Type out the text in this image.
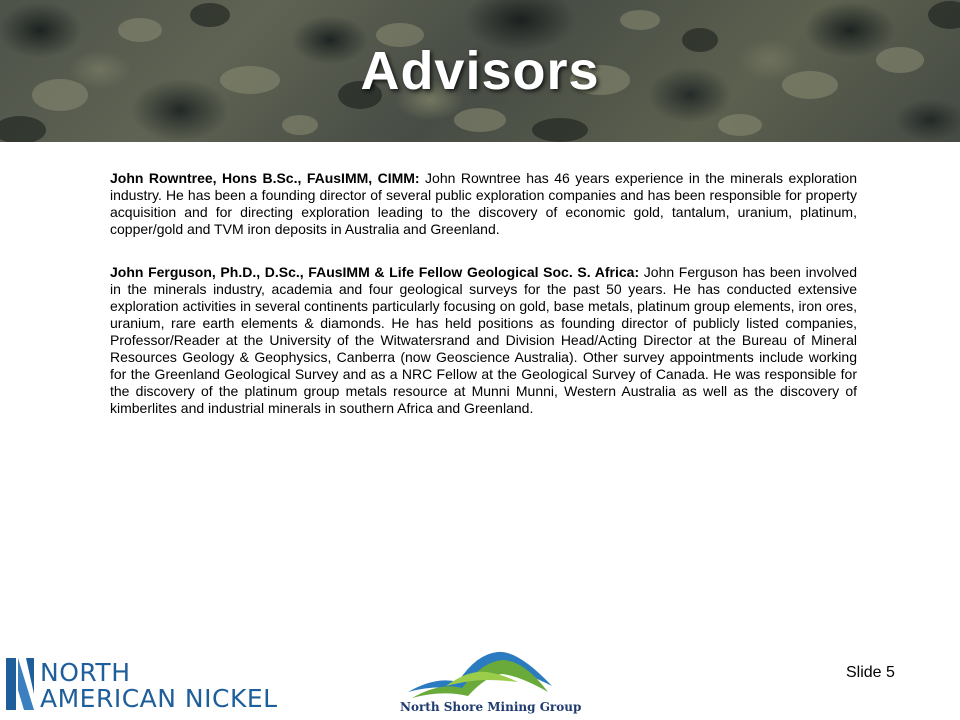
Advisors

John Rowntree, Hons B.Sc., FAusIMM, CIMM: John Rowntree has 46 years experience in the minerals exploration industry. He has been a founding director of several public exploration companies and has been responsible for property acquisition and for directing exploration leading to the discovery of economic gold, tantalum, uranium, platinum, copper/gold and TVM iron deposits in Australia and Greenland.

John Ferguson, Ph.D., D.Sc., FAusIMM & Life Fellow Geological Soc. S. Africa: John Ferguson has been involved in the minerals industry, academia and four geological surveys for the past 50 years. He has conducted extensive exploration activities in several continents particularly focusing on gold, base metals, platinum group elements, iron ores, uranium, rare earth elements & diamonds. He has held positions as founding director of publicly listed companies, Professor/Reader at the University of the Witwatersrand and Division Head/Acting Director at the Bureau of Mineral Resources Geology & Geophysics, Canberra (now Geoscience Australia). Other survey appointments include working for the Greenland Geological Survey and as a NRC Fellow at the Geological Survey of Canada. He was responsible for the discovery of the platinum group metals resource at Munni Munni, Western Australia as well as the discovery of kimberlites and industrial minerals in southern Africa and Greenland.

NORTH
AMERICAN NICKEL	North Shore Mining Group
Slide 5
